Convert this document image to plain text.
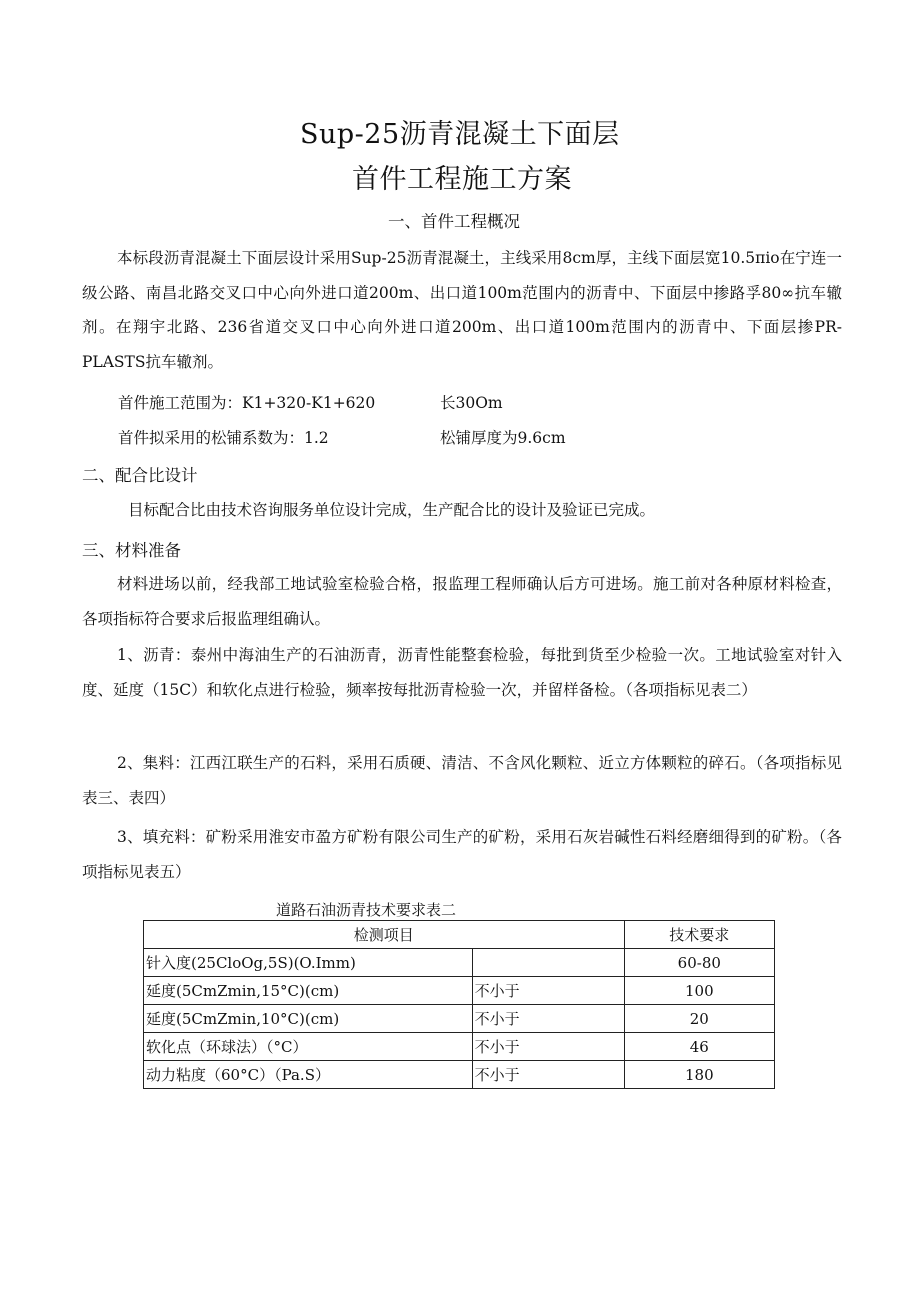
Sup-25沥青混凝土下面层
首件工程施工方案
一、首件工程概况
本标段沥青混凝土下面层设计采用Sup-25沥青混凝土，主线采用8cm厚，主线下面层宽10.5πio在宁连一级公路、南昌北路交叉口中心向外进口道200m、出口道100m范围内的沥青中、下面层中掺路孚80∞抗车辙剂。在翔宇北路、236省道交叉口中心向外进口道200m、出口道100m范围内的沥青中、下面层掺PR-PLASTS抗车辙剂。
首件施工范围为：K1+320-K1+620	长30Om
首件拟采用的松铺系数为：1.2	松铺厚度为9.6cm
二、配合比设计
目标配合比由技术咨询服务单位设计完成，生产配合比的设计及验证已完成。
三、材料准备
材料进场以前，经我部工地试验室检验合格，报监理工程师确认后方可进场。施工前对各种原材料检查，各项指标符合要求后报监理组确认。
1、沥青：泰州中海油生产的石油沥青，沥青性能整套检验，每批到货至少检验一次。工地试验室对针入度、延度（15C）和软化点进行检验，频率按每批沥青检验一次，并留样备检。（各项指标见表二）
2、集料：江西江联生产的石料，采用石质硬、清洁、不含风化颗粒、近立方体颗粒的碎石。（各项指标见表三、表四）
3、填充料：矿粉采用淮安市盈方矿粉有限公司生产的矿粉，采用石灰岩碱性石料经磨细得到的矿粉。（各项指标见表五）
道路石油沥青技术要求表二
检测项目		技术要求
针入度(25CloOg,5S)(O.Imm)		60-80
延度(5CmZmin,15°C)(cm)	不小于	100
延度(5CmZmin,10°C)(cm)	不小于	20
软化点（环球法）（°C）	不小于	46
动力粘度（60°C）（Pa.S）	不小于	180
